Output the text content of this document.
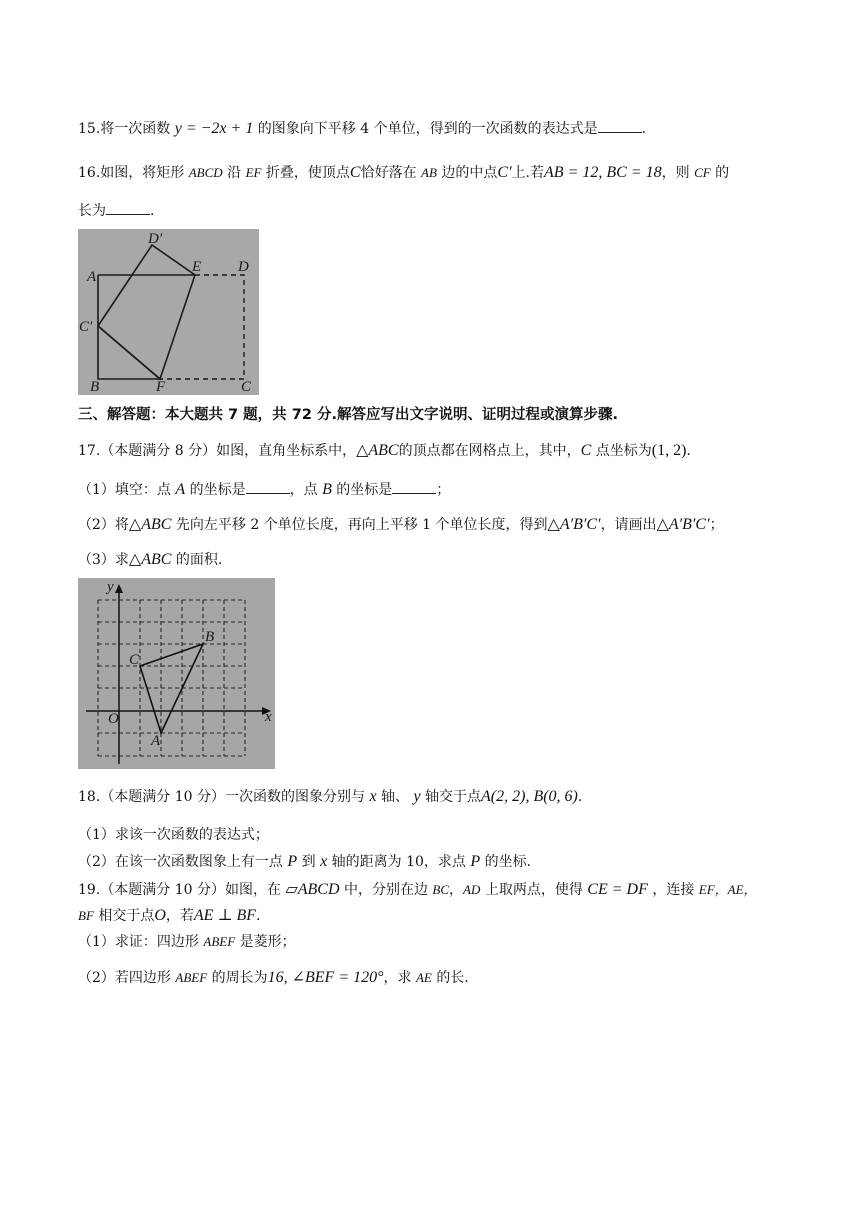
15.将一次函数 y = −2x + 1 的图象向下平移 4 个单位，得到的一次函数的表达式是	.
16.如图，将矩形 ABCD 沿 EF 折叠，使顶点C恰好落在 AB 边的中点C′上.若AB = 12, BC = 18，则 CF 的
长为	.
A
B	C
D
E
F
C′
D′
三、解答题：本大题共 7 题，共 72 分.解答应写出文字说明、证明过程或演算步骤.
17.（本题满分 8 分）如图，直角坐标系中，△ABC的顶点都在网格点上，其中，C 点坐标为(1, 2).
（1）填空：点 A 的坐标是	，点 B 的坐标是	；
（2）将△ABC 先向左平移 2 个单位长度，再向上平移 1 个单位长度，得到△A′B′C′，请画出△A′B′C′；
（3）求△ABC 的面积.
y
x
O
A
B
C
18.（本题满分 10 分）一次函数的图象分别与 x 轴、 y 轴交于点A(2, 2), B(0, 6).
（1）求该一次函数的表达式；
（2）在该一次函数图象上有一点 P 到 x 轴的距离为 10，求点 P 的坐标.
19.（本题满分 10 分）如图，在 ▱ABCD 中，分别在边 BC，AD 上取两点，使得 CE = DF ，连接 EF，AE，
BF 相交于点O，若AE ⊥ BF.
（1）求证：四边形 ABEF 是菱形；
（2）若四边形 ABEF 的周长为16, ∠BEF = 120°，求 AE 的长.
